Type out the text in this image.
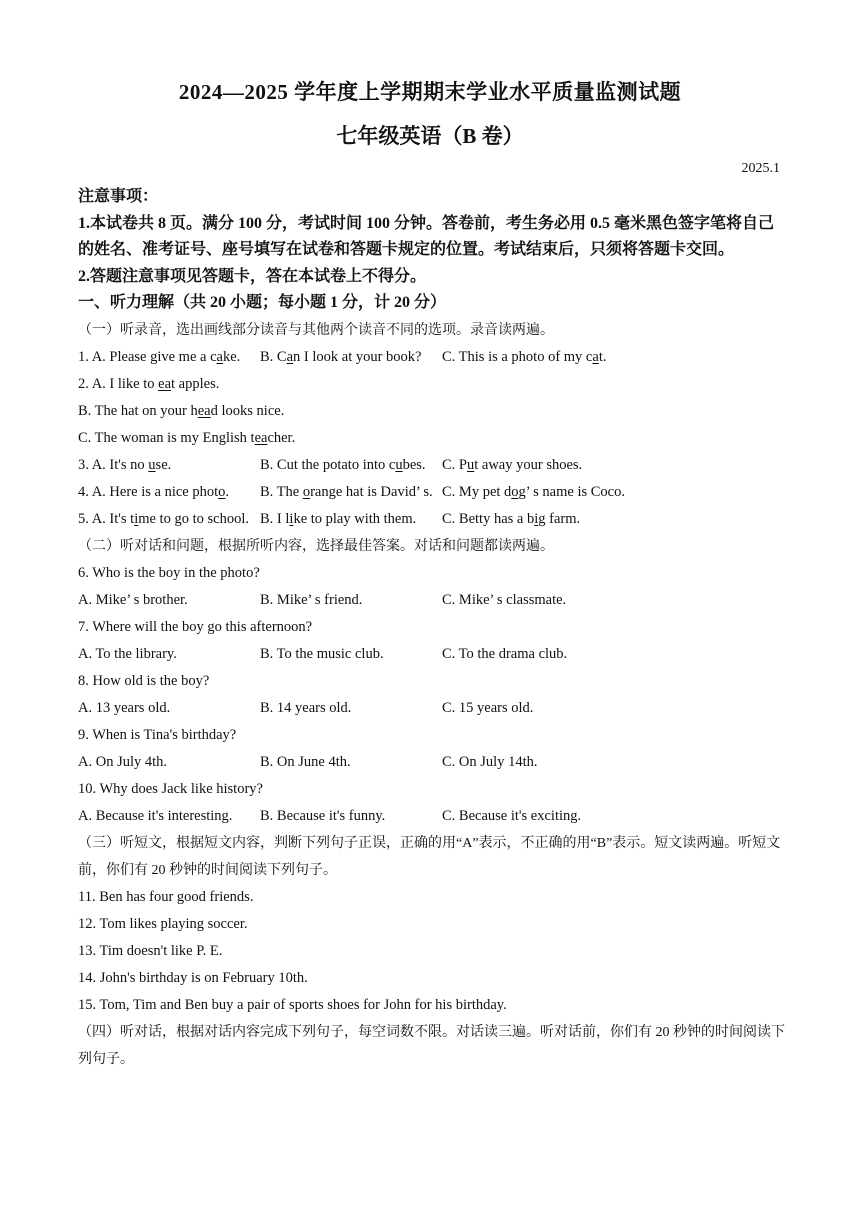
2024—2025 学年度上学期期末学业水平质量监测试题
七年级英语（B 卷）
2025.1
注意事项：
1.本试卷共 8 页。满分 100 分，考试时间 100 分钟。答卷前，考生务必用 0.5 毫米黑色签字笔将自己的姓名、准考证号、座号填写在试卷和答题卡规定的位置。考试结束后，只须将答题卡交回。
2.答题注意事项见答题卡，答在本试卷上不得分。
一、听力理解（共 20 小题；每小题 1 分，计 20 分）
（一）听录音，选出画线部分读音与其他两个读音不同的选项。录音读两遍。
1. A. Please give me a cake. B. Can I look at your book? C. This is a photo of my cat.
2. A. I like to eat apples.
B. The hat on your head looks nice.
C. The woman is my English teacher.
3. A. It's no use.	B. Cut the potato into cubes. C. Put away your shoes.
4. A. Here is a nice photo. B. The orange hat is David’ s. C. My pet dog’ s name is Coco.
5. A. It's time to go to school. B. I like to play with them. C. Betty has a big farm.
（二）听对话和问题，根据所听内容，选择最佳答案。对话和问题都读两遍。
6. Who is the boy in the photo?
A. Mike’ s brother.	B. Mike’ s friend.	C. Mike’ s classmate.
7. Where will the boy go this afternoon?
A. To the library.	B. To the music club.	C. To the drama club.
8. How old is the boy?
A. 13 years old.	B. 14 years old.	C. 15 years old.
9. When is Tina's birthday?
A. On July 4th.	B. On June 4th.	C. On July 14th.
10. Why does Jack like history?
A. Because it's interesting. B. Because it's funny.	C. Because it's exciting.
（三）听短文，根据短文内容，判断下列句子正误，正确的用“A”表示，不正确的用“B”表示。短文读两遍。听短文前，你们有 20 秒钟的时间阅读下列句子。
11. Ben has four good friends.
12. Tom likes playing soccer.
13. Tim doesn't like P. E.
14. John's birthday is on February 10th.
15. Tom, Tim and Ben buy a pair of sports shoes for John for his birthday.
（四）听对话，根据对话内容完成下列句子，每空词数不限。对话读三遍。听对话前，你们有 20 秒钟的时间阅读下列句子。
